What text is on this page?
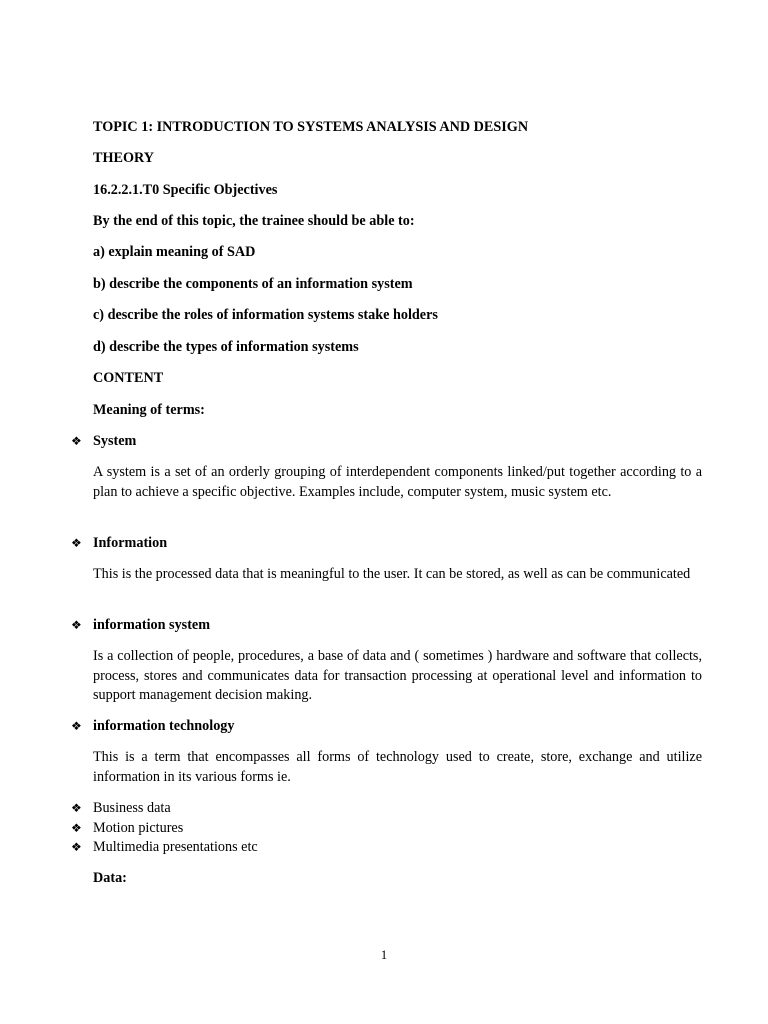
TOPIC 1: INTRODUCTION TO SYSTEMS ANALYSIS AND DESIGN
THEORY
16.2.2.1.T0 Specific Objectives
By the end of this topic, the trainee should be able to:
a) explain meaning of SAD
b) describe the components of an information system
c) describe the roles of information systems stake holders
d) describe the types of information systems
CONTENT
Meaning of terms:
❖ System
A system is a set of an orderly grouping of interdependent components linked/put together according to a plan to achieve a specific objective. Examples include, computer system, music system etc.
❖ Information
This is the processed data that is meaningful to the user. It can be stored, as well as can be communicated
❖ information system
Is a collection of people, procedures, a base of data and ( sometimes ) hardware and software that collects, process, stores and communicates data for transaction processing at operational level and information to support management decision making.
❖ information technology
This is a term that encompasses all forms of technology used to create, store, exchange and utilize information in its various forms ie.
❖ Business data
❖ Motion pictures
❖ Multimedia presentations etc
Data:
1
